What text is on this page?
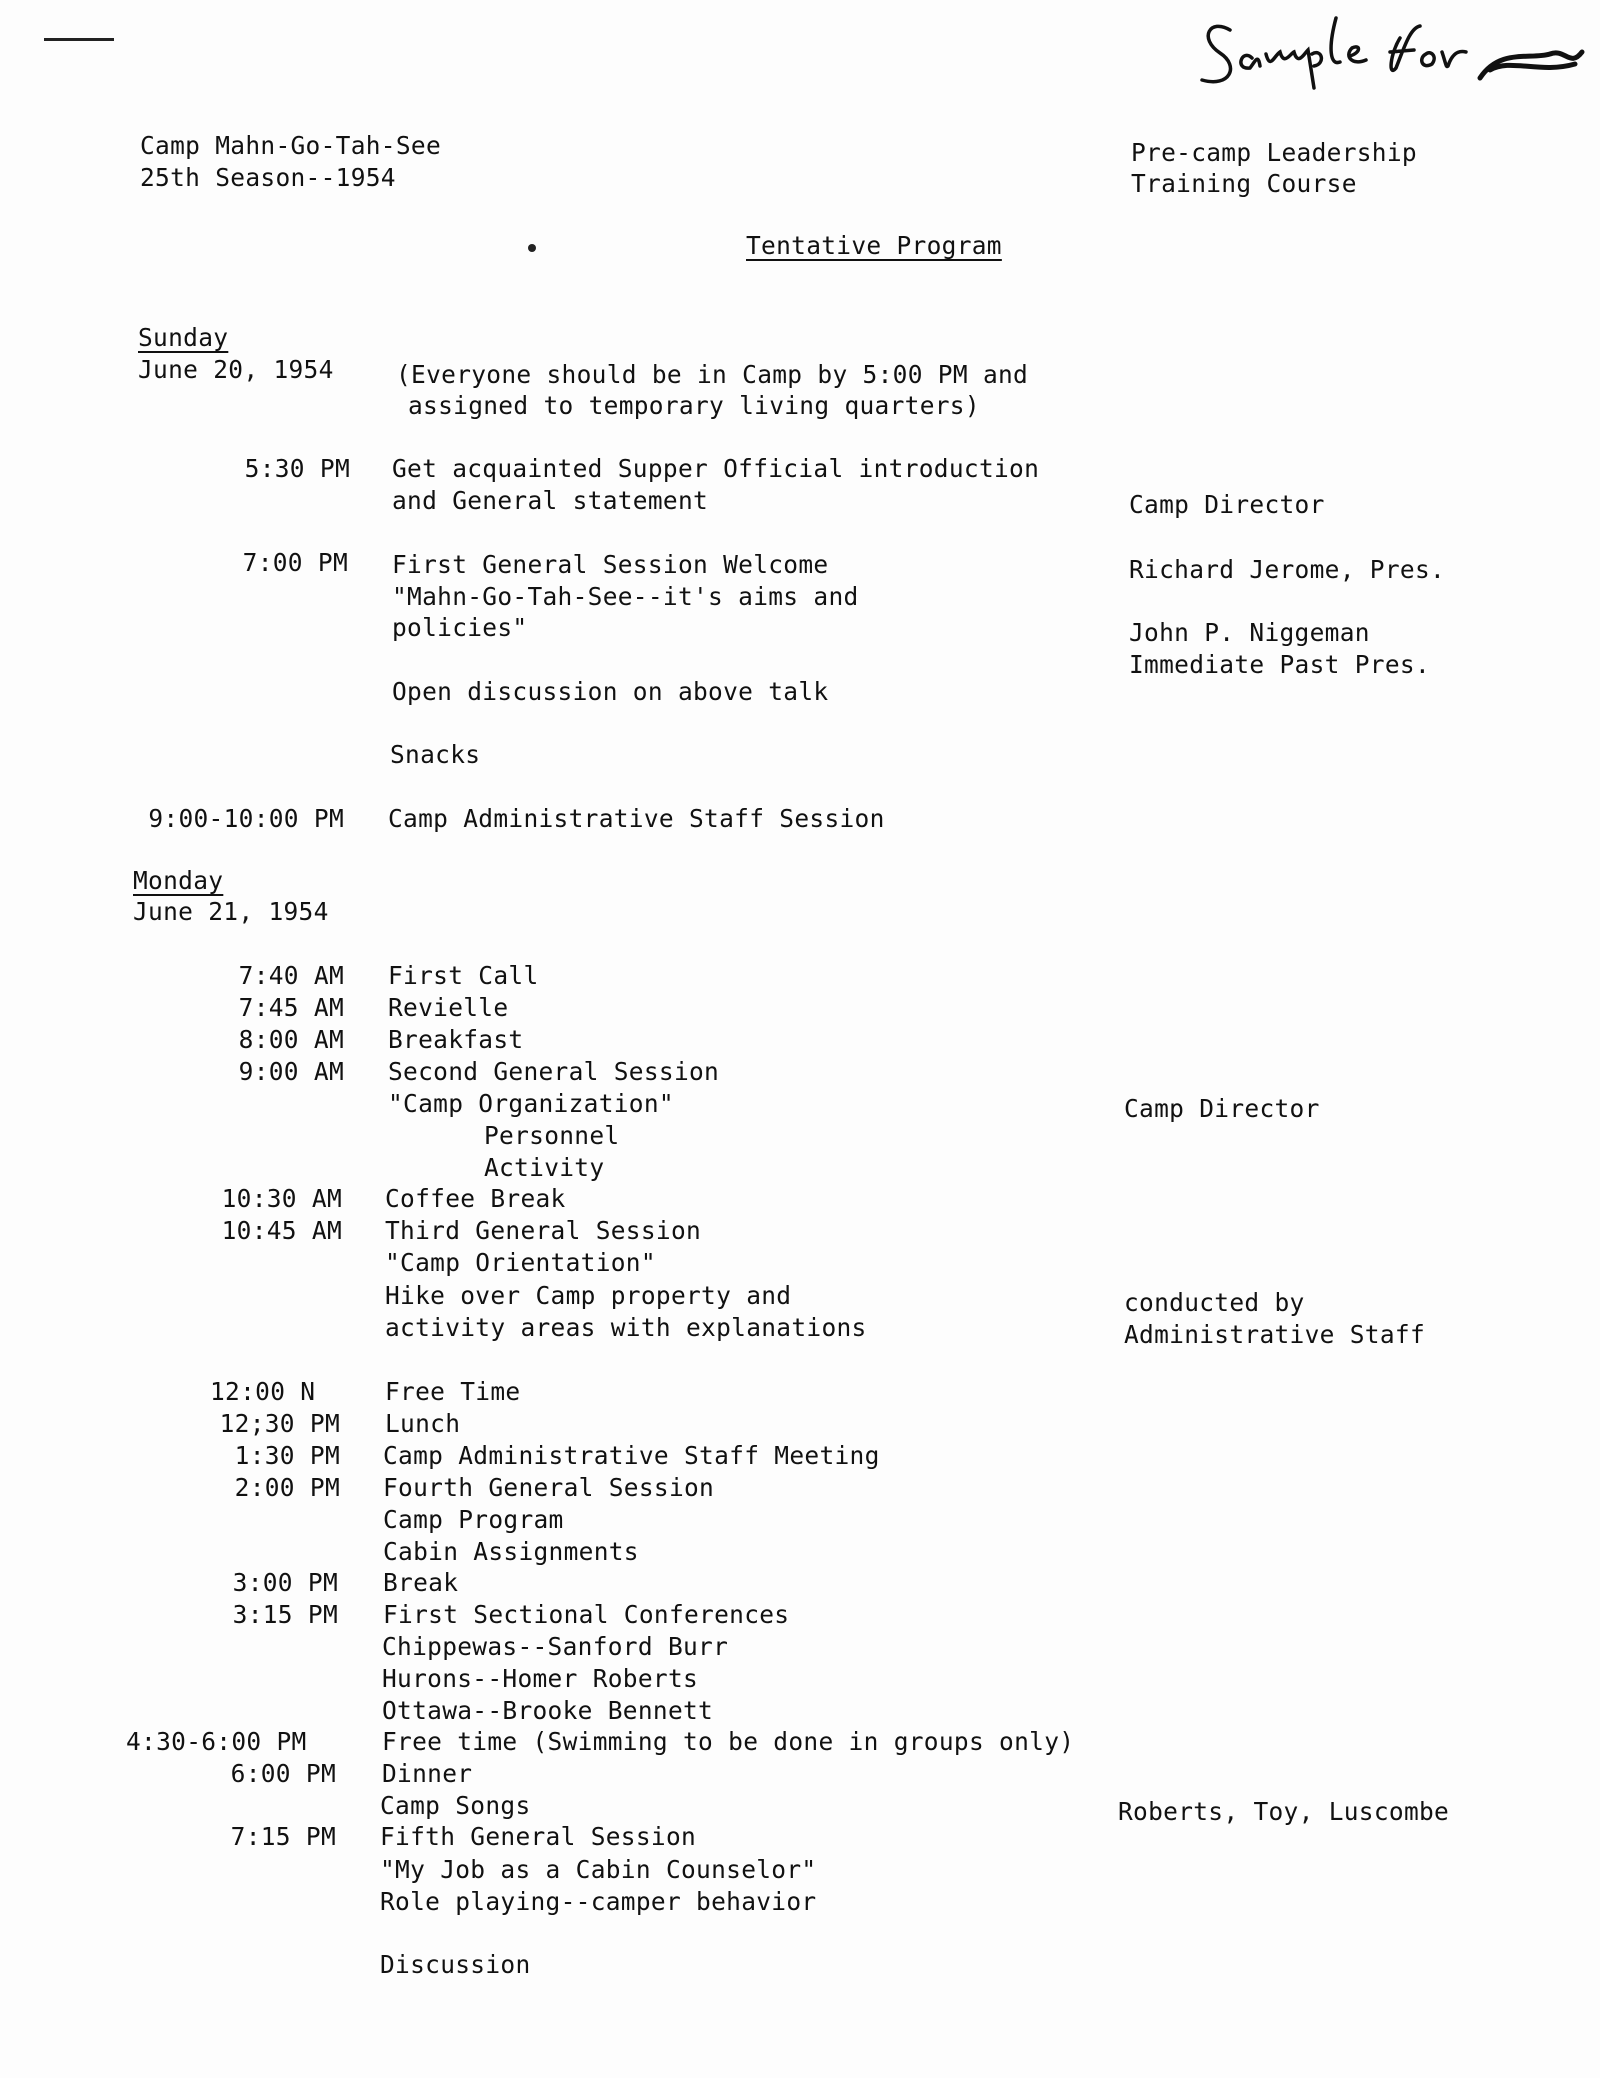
Sample for
Camp Mahn-Go-Tah-See
25th Season--1954
Pre-camp Leadership
Training Course
Tentative Program
Sunday
June 20, 1954	(Everyone should be in Camp by 5:00 PM and
assigned to temporary living quarters)
5:30 PM Get acquainted Supper Official introduction
and General statement	Camp Director
7:00 PM First General Session Welcome
"Mahn-Go-Tah-See--it's aims and
policies"
Richard Jerome, Pres.
John P. Niggeman
Immediate Past Pres.
Open discussion on above talk
Snacks
9:00-10:00 PM Camp Administrative Staff Session
Monday
June 21, 1954
7:40 AM
7:45 AM
8:00 AM
9:00 AM
10:30 AM
10:45 AM
12:00 N
12;30 PM
1:30 PM
2:00 PM
3:00 PM
3:15 PM
4:30-6:00 PM
6:00 PM
7:15 PM
First Call
Revielle
Breakfast
Second General Session
"Camp Organization"
Personnel
Activity
Coffee Break
Third General Session
"Camp Orientation"
Hike over Camp property and
activity areas with explanations
Free Time
Lunch
Camp Administrative Staff Meeting
Fourth General Session
Camp Program
Cabin Assignments
Break
First Sectional Conferences
Chippewas--Sanford Burr
Hurons--Homer Roberts
Ottawa--Brooke Bennett
Free time (Swimming to be done in groups only)
Dinner
Camp Songs
Fifth General Session
"My Job as a Cabin Counselor"
Role playing--camper behavior
Discussion
Camp Director
conducted by
Administrative Staff
Roberts, Toy, Luscombe
